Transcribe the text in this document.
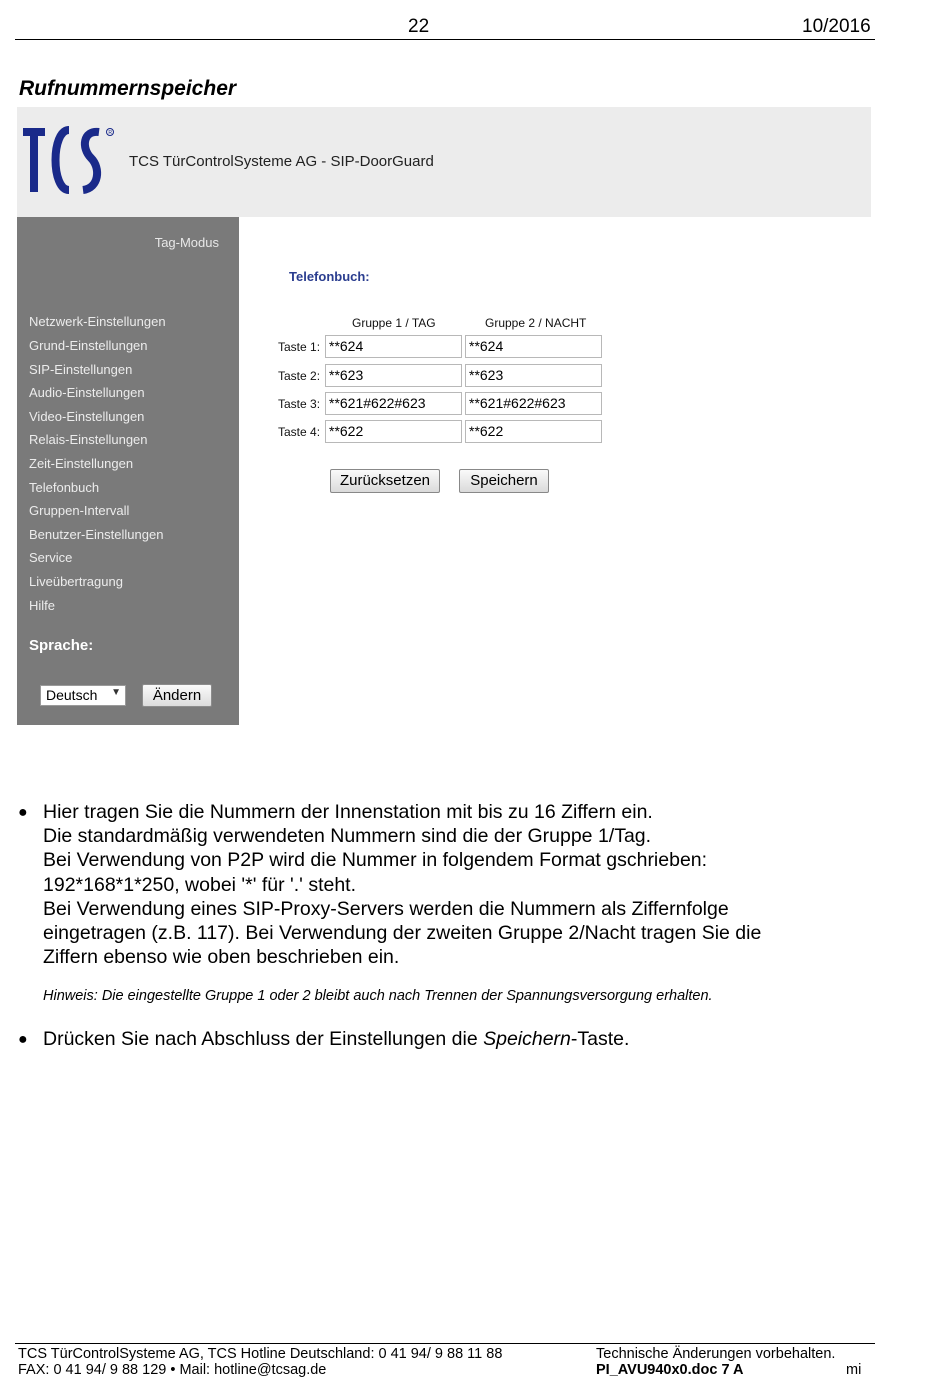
22	10/2016
Rufnummernspeicher
R
TCS TürControlSysteme AG - SIP-DoorGuard
Tag-Modus
Netzwerk-Einstellungen
Grund-Einstellungen
SIP-Einstellungen
Audio-Einstellungen
Video-Einstellungen
Relais-Einstellungen
Zeit-Einstellungen
Telefonbuch
Gruppen-Intervall
Benutzer-Einstellungen
Service
Liveübertragung
Hilfe
Sprache:
Deutsch ▼	Ändern
Telefonbuch:
Gruppe 1 / TAG	Gruppe 2 / NACHT
Taste 1: **624	**624
Taste 2: **623	**623
Taste 3: **621#622#623	**621#622#623
Taste 4: **622	**622
Zurücksetzen	Speichern
● Hier tragen Sie die Nummern der Innenstation mit bis zu 16 Ziffern ein.
Die standardmäßig verwendeten Nummern sind die der Gruppe 1/Tag.
Bei Verwendung von P2P wird die Nummer in folgendem Format gschrieben:
192*168*1*250, wobei '*' für '.' steht.
Bei Verwendung eines SIP-Proxy-Servers werden die Nummern als Ziffernfolge
eingetragen (z.B. 117). Bei Verwendung der zweiten Gruppe 2/Nacht tragen Sie die
Ziffern ebenso wie oben beschrieben ein.
Hinweis: Die eingestellte Gruppe 1 oder 2 bleibt auch nach Trennen der Spannungsversorgung erhalten.
● Drücken Sie nach Abschluss der Einstellungen die Speichern-Taste.
TCS TürControlSysteme AG, TCS Hotline Deutschland: 0 41 94/ 9 88 11 88
FAX: 0 41 94/ 9 88 129 • Mail: hotline@tcsag.de
Technische Änderungen vorbehalten.
PI_AVU940x0.doc 7 A	mi
